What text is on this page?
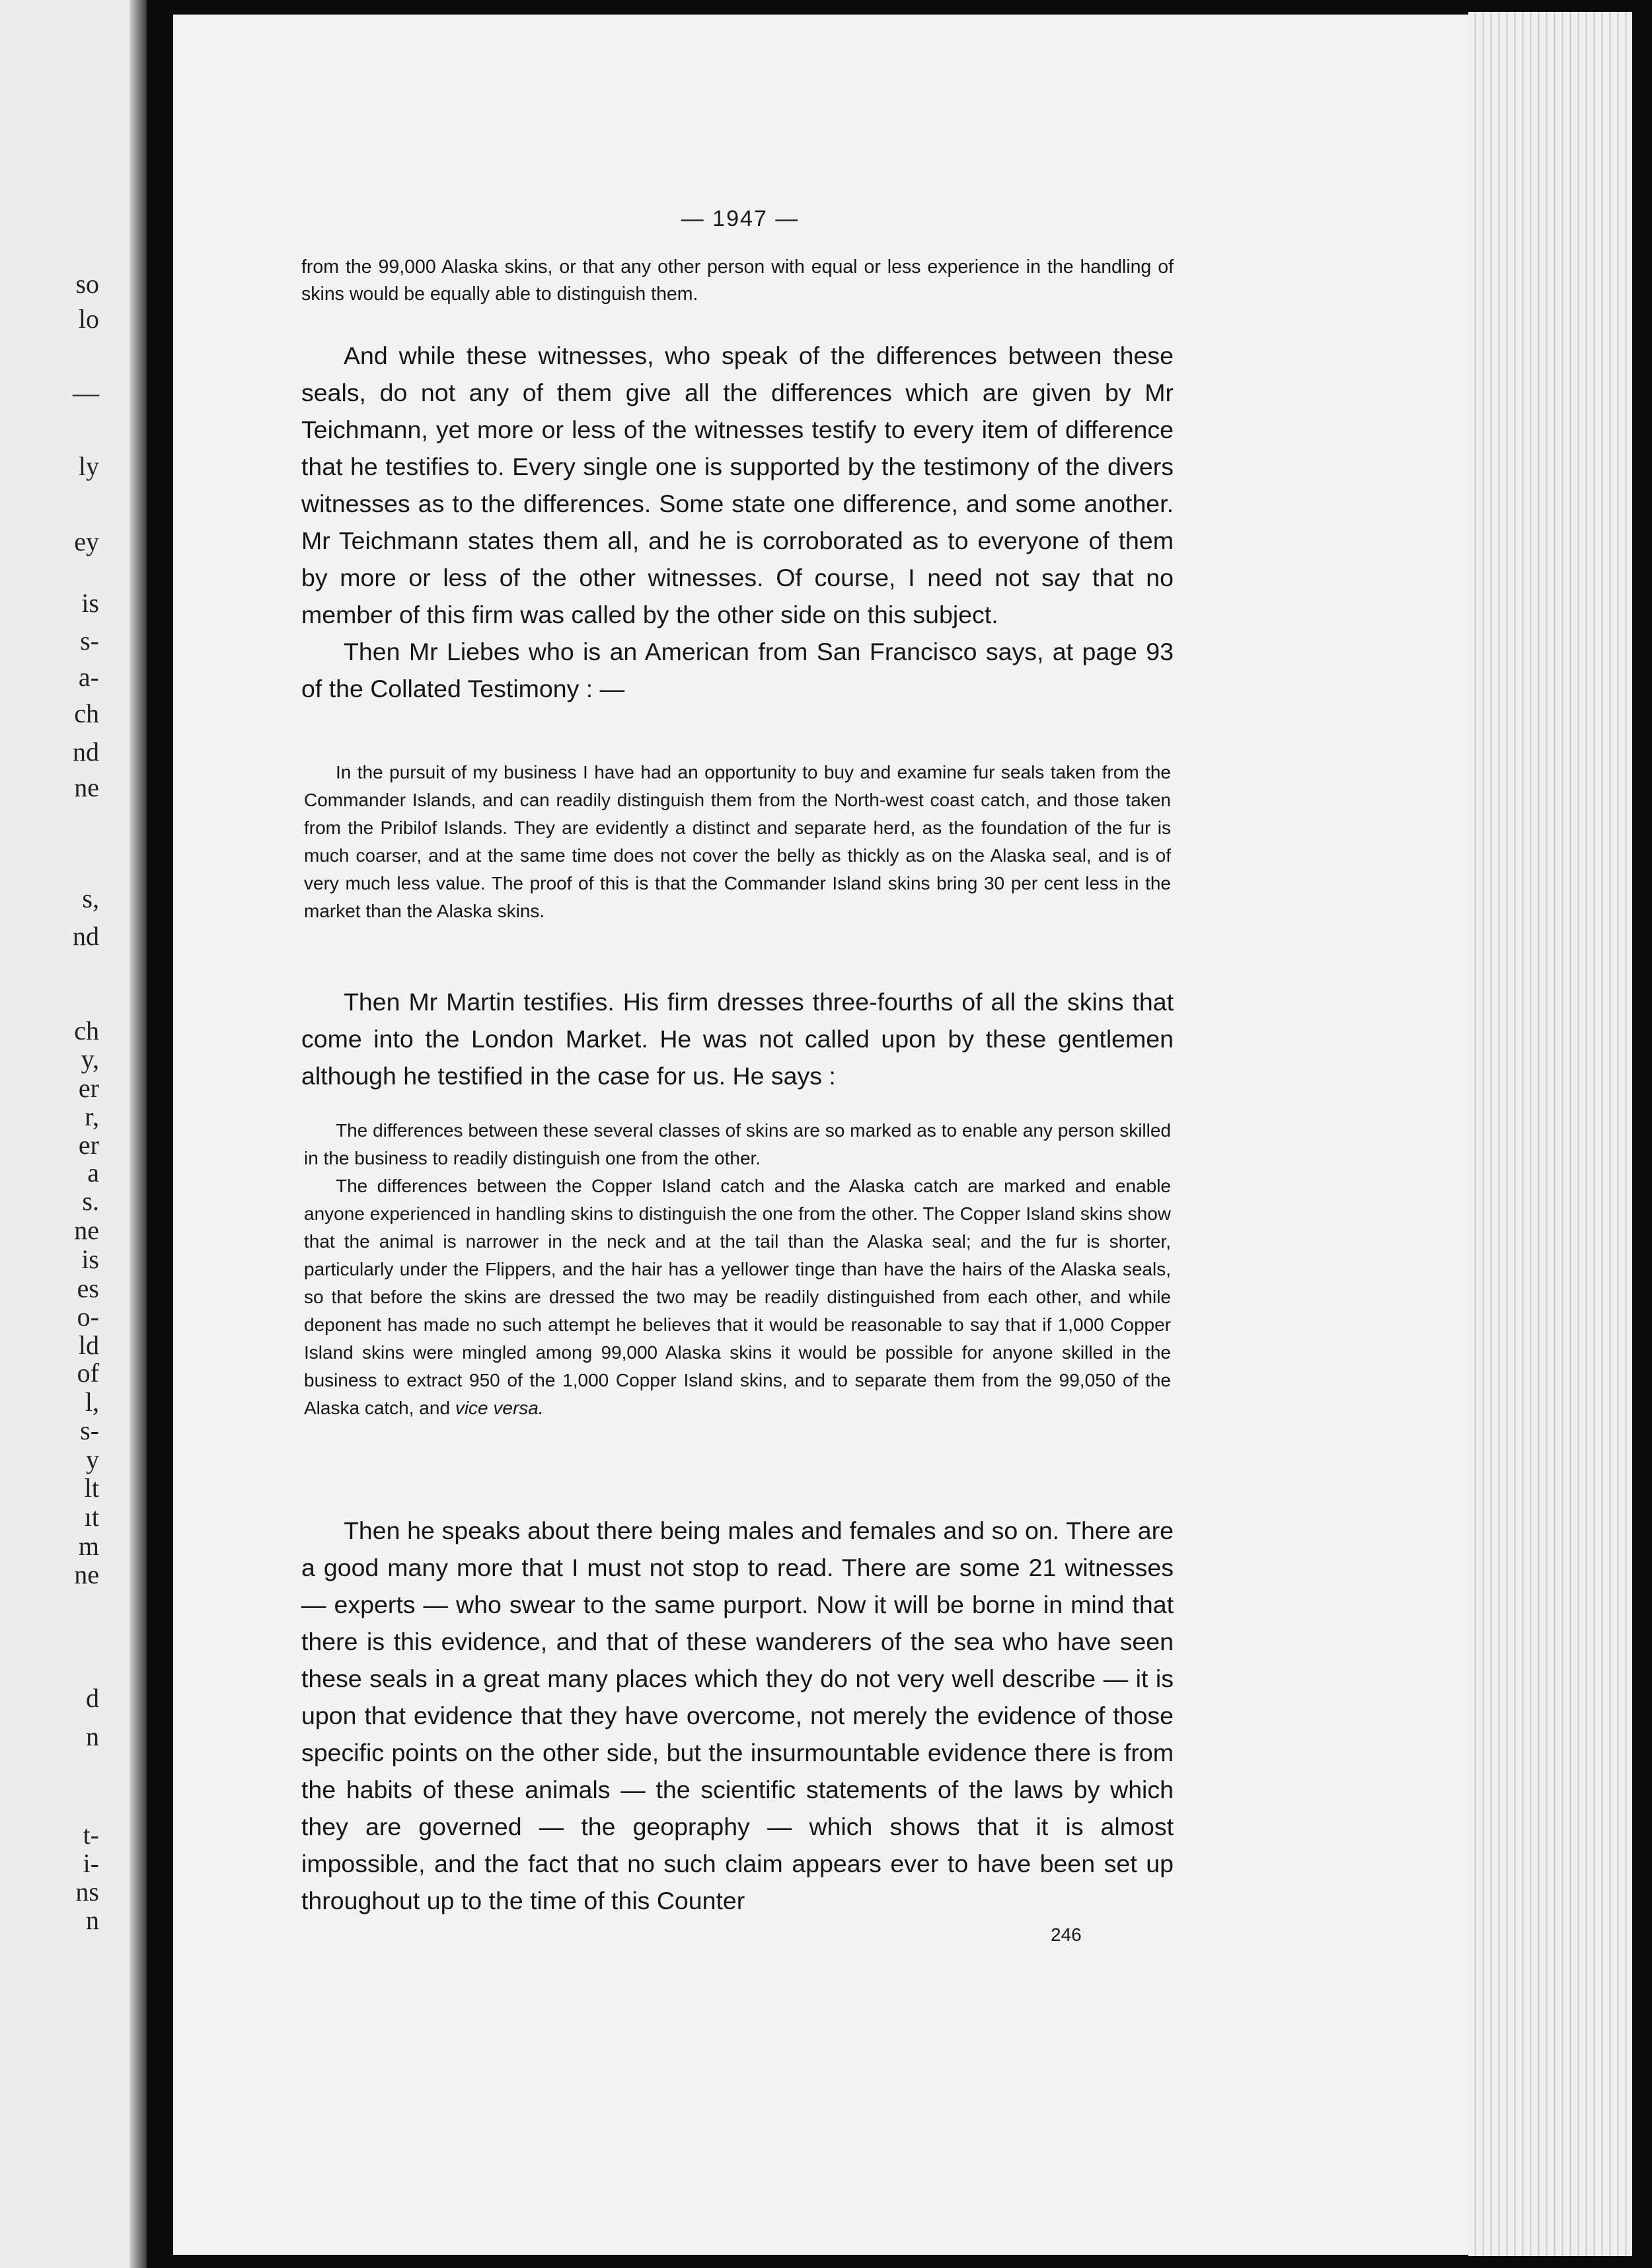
so
lo
—
ly
ey
is
s-
a-
ch
nd
ne
s,
nd
ch
y,
er
r,
er
a
s.
ne
is
es
o-
ld
of
l,
s-
y
lt
ıt
m
ne
d
n
t-
i-
ns
n
— 1947 —

from the 99,000 Alaska skins, or that any other person with equal or less experience in the handling of skins would be equally able to distinguish them.

And while these witnesses, who speak of the differences between these seals, do not any of them give all the differences which are given by Mr Teichmann, yet more or less of the witnesses testify to every item of difference that he testifies to. Every single one is supported by the testimony of the divers witnesses as to the differences. Some state one difference, and some another. Mr Teichmann states them all, and he is corroborated as to everyone of them by more or less of the other witnesses. Of course, I need not say that no member of this firm was called by the other side on this subject.

Then Mr Liebes who is an American from San Francisco says, at page 93 of the Collated Testimony : —

In the pursuit of my business I have had an opportunity to buy and examine fur seals taken from the Commander Islands, and can readily distinguish them from the North-west coast catch, and those taken from the Pribilof Islands. They are evidently a distinct and separate herd, as the foundation of the fur is much coarser, and at the same time does not cover the belly as thickly as on the Alaska seal, and is of very much less value. The proof of this is that the Commander Island skins bring 30 per cent less in the market than the Alaska skins.

Then Mr Martin testifies. His firm dresses three-fourths of all the skins that come into the London Market. He was not called upon by these gentlemen although he testified in the case for us. He says :

The differences between these several classes of skins are so marked as to enable any person skilled in the business to readily distinguish one from the other.

The differences between the Copper Island catch and the Alaska catch are marked and enable anyone experienced in handling skins to distinguish the one from the other. The Copper Island skins show that the animal is narrower in the neck and at the tail than the Alaska seal; and the fur is shorter, particularly under the Flippers, and the hair has a yellower tinge than have the hairs of the Alaska seals, so that before the skins are dressed the two may be readily distinguished from each other, and while deponent has made no such attempt he believes that it would be reasonable to say that if 1,000 Copper Island skins were mingled among 99,000 Alaska skins it would be possible for anyone skilled in the business to extract 950 of the 1,000 Copper Island skins, and to separate them from the 99,050 of the Alaska catch, and vice versa.

Then he speaks about there being males and females and so on. There are a good many more that I must not stop to read. There are some 21 witnesses — experts — who swear to the same purport. Now it will be borne in mind that there is this evidence, and that of these wanderers of the sea who have seen these seals in a great many places which they do not very well describe — it is upon that evidence that they have overcome, not merely the evidence of those specific points on the other side, but the insurmountable evidence there is from the habits of these animals — the scientific statements of the laws by which they are governed — the geopraphy — which shows that it is almost impossible, and the fact that no such claim appears ever to have been set up throughout up to the time of this Counter

246
